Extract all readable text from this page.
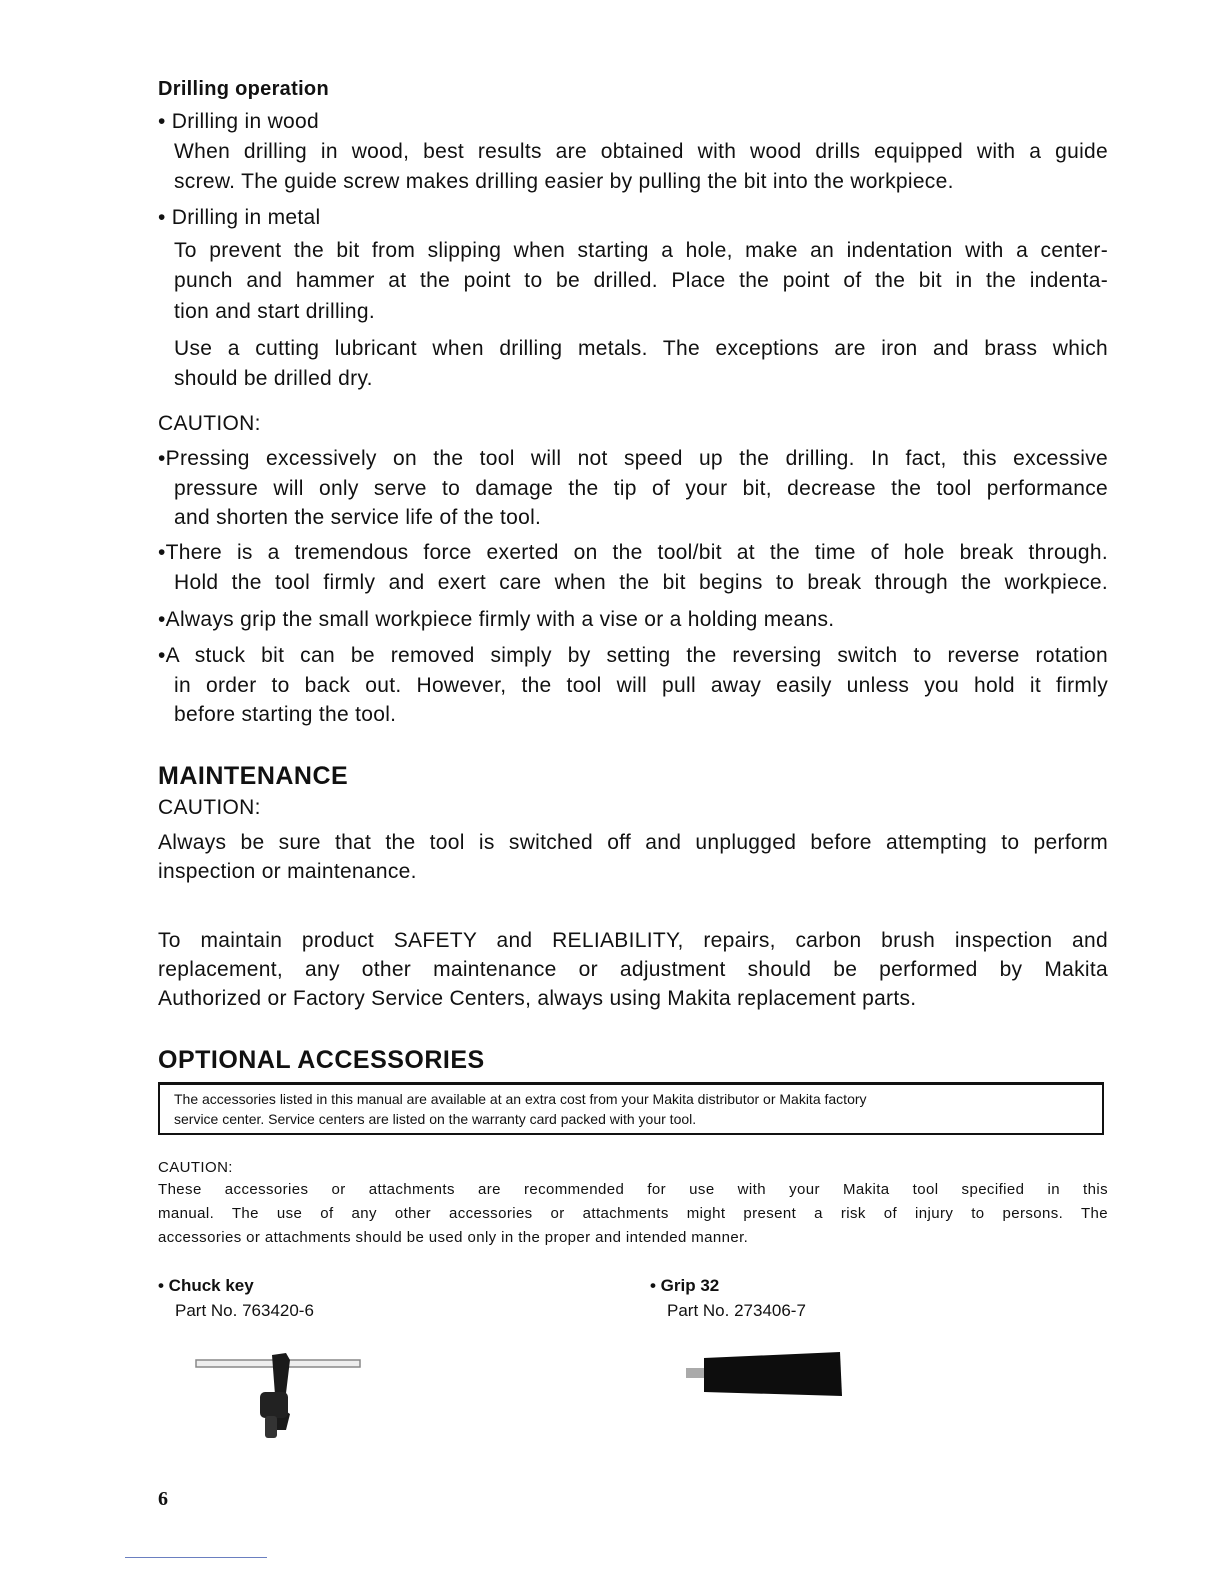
Drilling operation
• Drilling in wood
When drilling in wood, best results are obtained with wood drills equipped with a guide
screw. The guide screw makes drilling easier by pulling the bit into the workpiece.
• Drilling in metal
To prevent the bit from slipping when starting a hole, make an indentation with a center-
punch and hammer at the point to be drilled. Place the point of the bit in the indenta-
tion and start drilling.
Use a cutting lubricant when drilling metals. The exceptions are iron and brass which
should be drilled dry.
CAUTION:
•Pressing excessively on the tool will not speed up the drilling. In fact, this excessive
pressure will only serve to damage the tip of your bit, decrease the tool performance
and shorten the service life of the tool.
•There is a tremendous force exerted on the tool/bit at the time of hole break through.
Hold the tool firmly and exert care when the bit begins to break through the workpiece.
•Always grip the small workpiece firmly with a vise or a holding means.
•A stuck bit can be removed simply by setting the reversing switch to reverse rotation
in order to back out. However, the tool will pull away easily unless you hold it firmly
before starting the tool.
MAINTENANCE
CAUTION:
Always be sure that the tool is switched off and unplugged before attempting to perform
inspection or maintenance.
To maintain product SAFETY and RELIABILITY, repairs, carbon brush inspection and
replacement, any other maintenance or adjustment should be performed by Makita
Authorized or Factory Service Centers, always using Makita replacement parts.
OPTIONAL ACCESSORIES
The accessories listed in this manual are available at an extra cost from your Makita distributor or Makita factory
service center. Service centers are listed on the warranty card packed with your tool.
CAUTION:
These accessories or attachments are recommended for use with your Makita tool specified in this
manual. The use of any other accessories or attachments might present a risk of injury to persons. The
accessories or attachments should be used only in the proper and intended manner.
• Chuck key
Part No. 763420-6
• Grip 32
Part No. 273406-7
6
